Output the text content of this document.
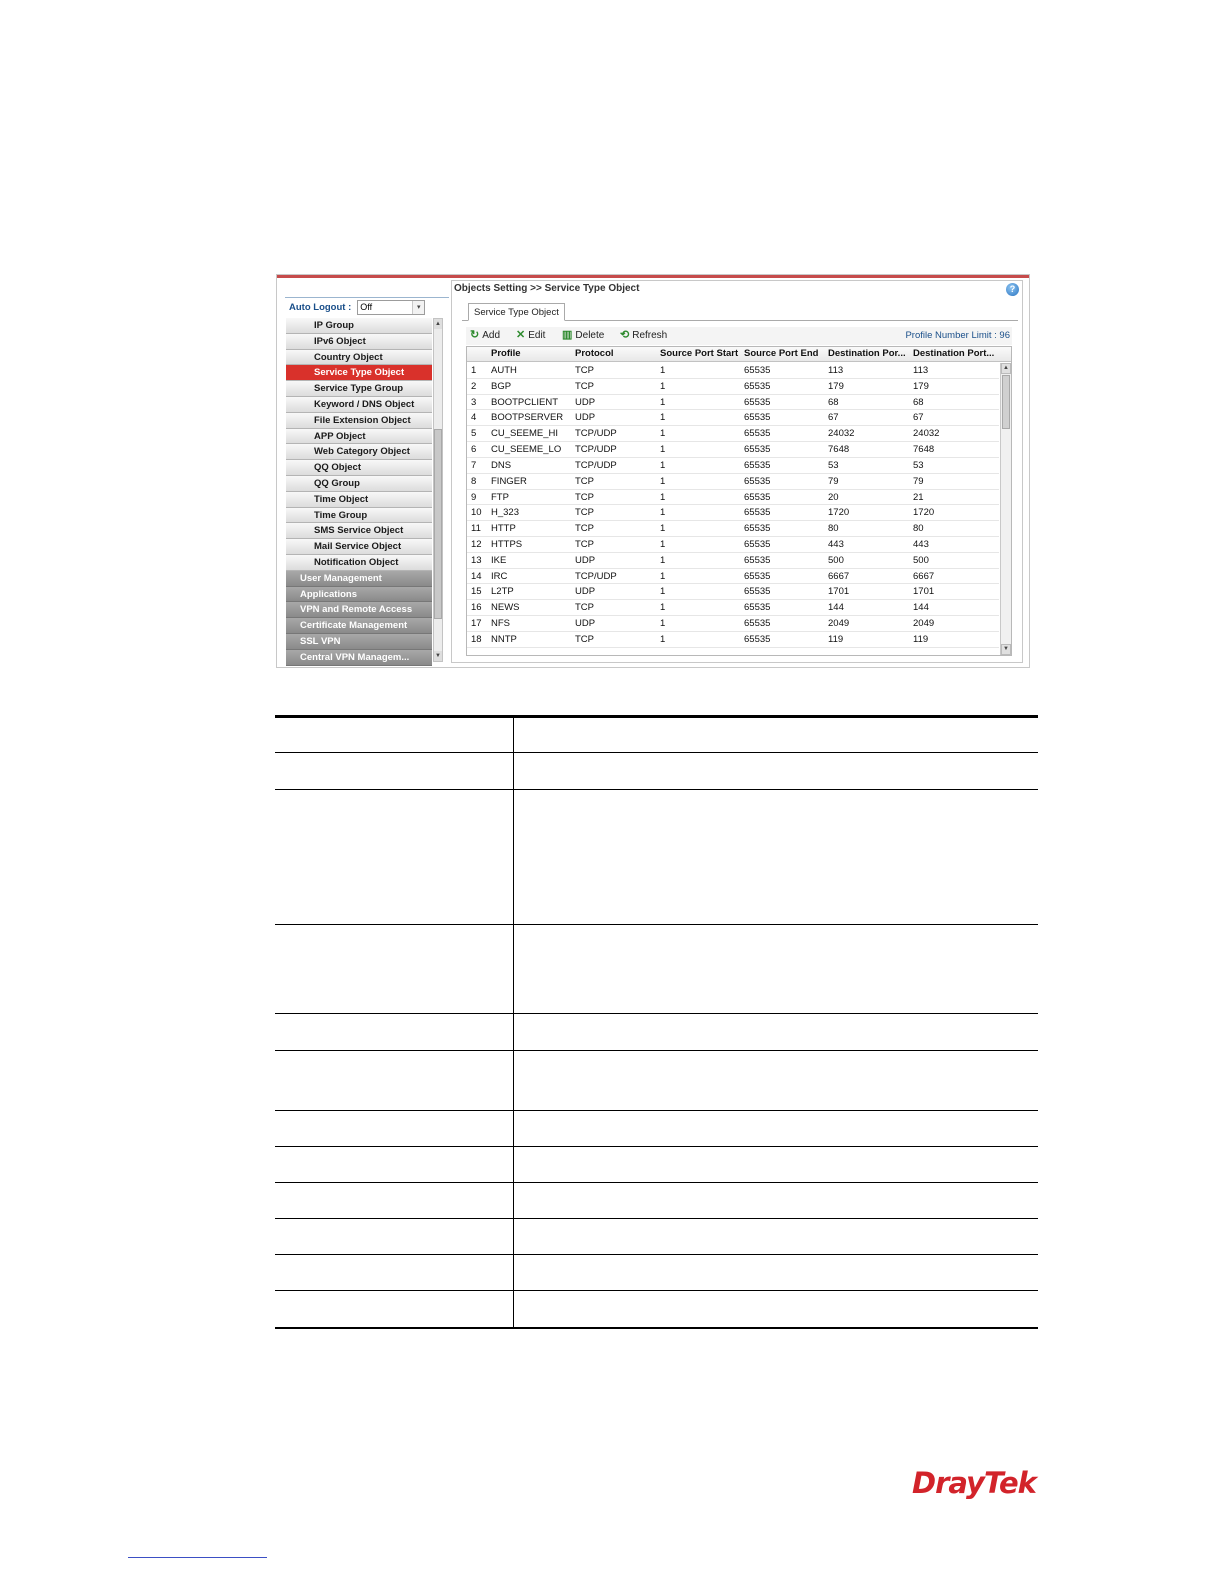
Auto Logout :	Off	▾
IP Group
IPv6 Object
Country Object
Service Type Object
Service Type Group
Keyword / DNS Object
File Extension Object
APP Object
Web Category Object
QQ Object
QQ Group
Time Object
Time Group
SMS Service Object
Mail Service Object
Notification Object
User Management
Applications
VPN and Remote Access
Certificate Management
SSL VPN
Central VPN Managem...
▲
▼
Objects Setting >> Service Type Object	?
Service Type Object
↻ Add ✕ Edit ▥ Delete ⟲ Refresh	Profile Number Limit : 96
Profile	Protocol	Source Port Start Source Port End	Destination Por... Destination Port...
1	AUTH	TCP	1	65535	113	113
2	BGP	TCP	1	65535	179	179
3	BOOTPCLIENT	UDP	1	65535	68	68
4	BOOTPSERVER	UDP	1	65535	67	67
5	CU_SEEME_HI	TCP/UDP	1	65535	24032	24032
6	CU_SEEME_LO	TCP/UDP	1	65535	7648	7648
7	DNS	TCP/UDP	1	65535	53	53
8	FINGER	TCP	1	65535	79	79
9	FTP	TCP	1	65535	20	21
10 H_323	TCP	1	65535	1720	1720
11	HTTP	TCP	1	65535	80	80
12 HTTPS	TCP	1	65535	443	443
13 IKE	UDP	1	65535	500	500
14 IRC	TCP/UDP	1	65535	6667	6667
15 L2TP	UDP	1	65535	1701	1701
16 NEWS	TCP	1	65535	144	144
17 NFS	UDP	1	65535	2049	2049
18 NNTP	TCP	1	65535	119	119
▲
▼
DrayTek
